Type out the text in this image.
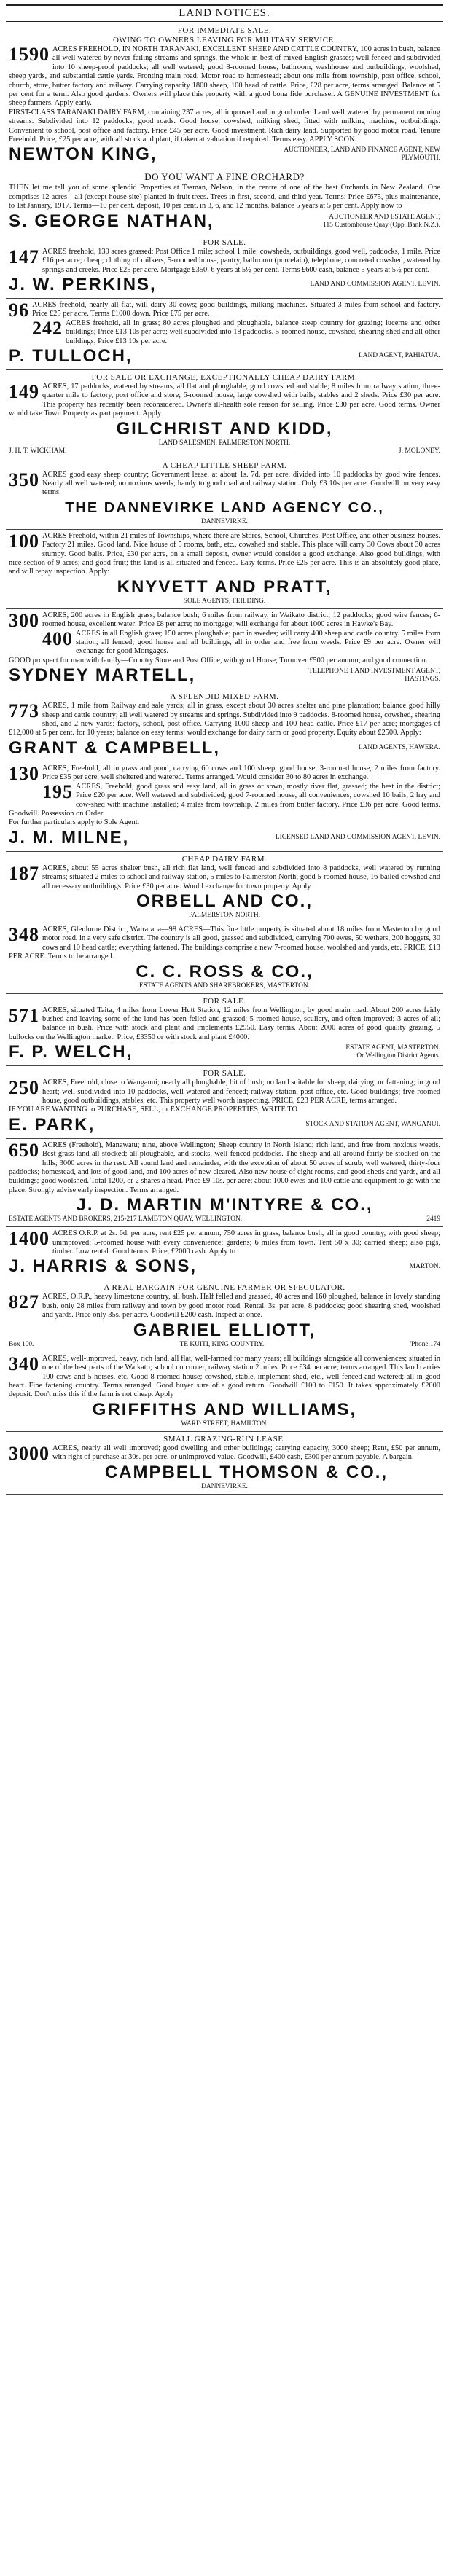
LAND NOTICES.
FOR IMMEDIATE SALE.
OWING TO OWNERS LEAVING FOR MILITARY SERVICE.

1590 ACRES FREEHOLD, IN NORTH TARANAKI, EXCELLENT SHEEP AND CATTLE COUNTRY, 100 acres in bush, balance all well watered by never-failing streams and springs, the whole in best of mixed English grasses; well fenced and subdivided into 10 sheep-proof paddocks; all well watered; good 8-roomed house, bathroom, washhouse and outbuildings, woolshed, sheep yards, and substantial cattle yards. Fronting main road. Motor road to homestead; about one mile from township, post office, school, church, store, butter factory and railway. Carrying capacity 1800 sheep, 100 head of cattle. Price, £28 per acre, terms arranged. Balance at 5 per cent for a term. Also good gardens. Owners will place this property with a good bona fide purchaser. A GENUINE INVESTMENT for sheep farmers. Apply early.

FIRST-CLASS TARANAKI DAIRY FARM, containing 237 acres, all improved and in good order. Land well watered by permanent running streams. Subdivided into 12 paddocks, good roads. Good house, cowshed, milking shed, fitted with milking machine, outbuildings. Convenient to school, post office and factory. Price £45 per acre. Good investment. Rich dairy land. Supported by good motor road. Tenure Freehold. Price, £25 per acre, with all stock and plant, if taken at valuation if required. Terms easy. APPLY SOON.

NEWTON KING,	AUCTIONEER, LAND AND FINANCE AGENT, NEW PLYMOUTH.
DO YOU WANT A FINE ORCHARD?

THEN let me tell you of some splendid Properties at Tasman, Nelson, in the centre of one of the best Orchards in New Zealand. One comprises 12 acres—all (except house site) planted in fruit trees. Trees in first, second, and third year. Terms: Price £675, plus maintenance, to 1st January, 1917. Terms—10 per cent. deposit, 10 per cent. in 3, 6, and 12 months, balance 5 years at 5 per cent. Apply now to

S. GEORGE NATHAN,	AUCTIONEER AND ESTATE AGENT,
115 Customhouse Quay (Opp. Bank N.Z.).
FOR SALE.

147 ACRES freehold, 130 acres grassed; Post Office 1 mile; school 1 mile; cowsheds, outbuildings, good well, paddocks, 1 mile. Price £16 per acre; cheap; clothing of milkers, 5-roomed house, pantry, bathroom (porcelain), telephone, concreted cowshed, watered by springs and creeks. Price £25 per acre. Mortgage £350, 6 years at 5½ per cent. Terms £600 cash, balance 5 years at 5½ per cent.

J. W. PERKINS,	LAND AND COMMISSION AGENT, LEVIN.

96 ACRES freehold, nearly all flat, will dairy 30 cows; good buildings, milking machines. Situated 3 miles from school and factory. Price £25 per acre. Terms £1000 down. Price £75 per acre.

242 ACRES freehold, all in grass; 80 acres ploughed and ploughable, balance steep country for grazing; lucerne and other buildings; Price £13 10s per acre; well subdivided into 18 paddocks. 5-roomed house, cowshed, shearing shed and all other buildings; Price £13 10s per acre.

P. TULLOCH,	LAND AGENT, PAHIATUA.
FOR SALE OR EXCHANGE, EXCEPTIONALLY CHEAP DAIRY FARM.

149 ACRES, 17 paddocks, watered by streams, all flat and ploughable, good cowshed and stable; 8 miles from railway station, three-quarter mile to factory, post office and store; 6-roomed house, large cowshed with bails, stables and 2 sheds. Price £30 per acre. This property has recently been reconsidered. Owner's ill-health sole reason for selling. Price £30 per acre. Good terms. Owner would take Town Property as part payment. Apply

GILCHRIST AND KIDD,
LAND SALESMEN, PALMERSTON NORTH.
J. H. T. WICKHAM.	J. MOLONEY.
A CHEAP LITTLE SHEEP FARM.

350 ACRES good easy sheep country; Government lease, at about 1s. 7d. per acre, divided into 10 paddocks by good wire fences. Nearly all well watered; no noxious weeds; handy to good road and railway station. Only £3 10s per acre. Goodwill on very easy terms.

THE DANNEVIRKE LAND AGENCY CO.,
DANNEVIRKE.

100 ACRES Freehold, within 21 miles of Townships, where there are Stores, School, Churches, Post Office, and other business houses. Factory 21 miles. Good land. Nice house of 5 rooms, bath, etc., cowshed and stable. This place will carry 30 Cows about 30 acres stumpy. Good bails. Price, £30 per acre, on a small deposit, owner would consider a good exchange. Also good buildings, with nice section of 9 acres; and good fruit; this land is all situated and fenced. Easy terms. Price £25 per acre. This is an absolutely good place, and will repay inspection. Apply:

KNYVETT AND PRATT,
SOLE AGENTS, FEILDING.

300 ACRES, 200 acres in English grass, balance bush; 6 miles from railway, in Waikato district; 12 paddocks; good wire fences; 6-roomed house, excellent water; Price £8 per acre; no mortgage; will exchange for about 1000 acres in Hawke's Bay.

400 ACRES in all English grass; 150 acres ploughable; part in swedes; will carry 400 sheep and cattle country. 5 miles from station; all fenced; good house and all buildings, all in order and free from weeds. Price £9 per acre. Owner will exchange for good Mortgages.

GOOD prospect for man with family—Country Store and Post Office, with good House; Turnover £500 per annum; and good connection.

SYDNEY MARTELL,	TELEPHONE 1 AND INVESTMENT AGENT, HASTINGS.
A SPLENDID MIXED FARM.

773 ACRES, 1 mile from Railway and sale yards; all in grass, except about 30 acres shelter and pine plantation; balance good hilly sheep and cattle country; all well watered by streams and springs. Subdivided into 9 paddocks. 8-roomed house, cowshed, shearing shed, and 2 new yards; factory, school, post-office. Carrying 1000 sheep and 100 head cattle. Price £17 per acre; mortgages of £12,000 at 5 per cent. for 10 years; balance on easy terms; would exchange for dairy farm or good property. Equity about £2500. Apply:

GRANT & CAMPBELL,	LAND AGENTS, HAWERA.

130 ACRES, Freehold, all in grass and good, carrying 60 cows and 100 sheep, good house; 3-roomed house, 2 miles from factory. Price £35 per acre, well sheltered and watered. Terms arranged. Would consider 30 to 80 acres in exchange.

195 ACRES, Freehold, good grass and easy land, all in grass or sown, mostly river flat, grassed; the best in the district; Price £20 per acre. Well watered and subdivided; good 7-roomed house, all conveniences, cowshed 10 bails, 2 hay and cow-shed with machine installed; 4 miles from township, 2 miles from butter factory. Price £36 per acre. Good terms. Goodwill. Possession on Order.

For further particulars apply to Sole Agent.

J. M. MILNE,	LICENSED LAND AND COMMISSION AGENT, LEVIN.
CHEAP DAIRY FARM.

187 ACRES, about 55 acres shelter bush, all rich flat land, well fenced and subdivided into 8 paddocks, well watered by running streams; situated 2 miles to school and railway station, 5 miles to Palmerston North; good 5-roomed house, 16-bailed cowshed and all necessary outbuildings. Price £30 per acre. Would exchange for town property. Apply

ORBELL AND CO.,
PALMERSTON NORTH.

348 ACRES, Glenlorne District, Wairarapa—98 ACRES—This fine little property is situated about 18 miles from Masterton by good motor road, in a very safe district. The country is all good, grassed and subdivided, carrying 700 ewes, 50 wethers, 200 hoggets, 30 cows and 10 head cattle; everything fattened. The buildings comprise a new 7-roomed house, woolshed and yards, etc. PRICE, £13 PER ACRE. Terms to be arranged.

C. C. ROSS & CO.,
ESTATE AGENTS AND SHAREBROKERS, MASTERTON.
FOR SALE.

571 ACRES, situated Taita, 4 miles from Lower Hutt Station, 12 miles from Wellington, by good main road. About 200 acres fairly bushed and leaving some of the land has been felled and grassed; 5-roomed house, scullery, and often improved; 3 acres of all; balance in bush. Price with stock and plant and implements £2950. Easy terms. About 2000 acres of good quality grazing, 5 bullocks on the Wellington market. Price, £3350 or with stock and plant £4000.

F. P. WELCH,	ESTATE AGENT, MASTERTON.
Or Wellington District Agents.
FOR SALE.

250 ACRES, Freehold, close to Wanganui; nearly all ploughable; bit of bush; no land suitable for sheep, dairying, or fattening; in good heart; well subdivided into 10 paddocks, well watered and fenced; railway station, post office, etc. Good buildings; five-roomed house, good outbuildings, stables, etc. This property well worth inspecting. PRICE, £23 PER ACRE, terms arranged.

IF YOU ARE WANTING to PURCHASE, SELL, or EXCHANGE PROPERTIES, WRITE TO

E. PARK,	STOCK AND STATION AGENT, WANGANUI.

650 ACRES (Freehold), Manawatu; nine, above Wellington; Sheep country in North Island; rich land, and free from noxious weeds. Best grass land all stocked; all ploughable, and stocks, well-fenced paddocks. The sheep and all around fairly be stocked on the hills; 3000 acres in the rest. All sound land and remainder, with the exception of about 50 acres of scrub, well watered, thirty-four paddocks; homestead, and lots of good land, and 100 acres of new cleared. Also new house of eight rooms, and good sheds and yards, and all buildings; good woolshed. Total 1200, or 2 shares a head. Price £9 10s. per acre; about 1000 ewes and 100 cattle and equipment to go with the place. Strongly advise early inspection. Terms arranged.

J. D. MARTIN M'INTYRE & CO.,
ESTATE AGENTS AND BROKERS, 215-217 LAMBTON QUAY, WELLINGTON.	2419

1400 ACRES O.R.P. at 2s. 6d. per acre, rent £25 per annum, 750 acres in grass, balance bush, all in good country, with good sheep; unimproved; 5-roomed house with every convenience; gardens; 6 miles from town. Tent 50 x 30; carried sheep; also pigs, timber. Low rental. Good terms. Price, £2000 cash. Apply to

J. HARRIS & SONS,	MARTON.
A REAL BARGAIN FOR GENUINE FARMER OR SPECULATOR.

827 ACRES, O.R.P., heavy limestone country, all bush. Half felled and grassed, 40 acres and 160 ploughed, balance in lovely standing bush, only 28 miles from railway and town by good motor road. Rental, 3s. per acre. 8 paddocks; good shearing shed, woolshed and yards. Price only 35s. per acre. Goodwill £200 cash. Inspect at once.

GABRIEL ELLIOTT,
Box 100.	TE KUITI, KING COUNTRY.	'Phone 174

340 ACRES, well-improved, heavy, rich land, all flat, well-farmed for many years; all buildings alongside all conveniences; situated in one of the best parts of the Waikato; school on corner, railway station 2 miles. Price £34 per acre; terms arranged. This land carries 100 cows and 5 horses, etc. Good 8-roomed house; cowshed, stable, implement shed, etc., well fenced and watered; all in good heart. Fine fattening country. Terms arranged. Good buyer sure of a good return. Goodwill £100 to £150. It takes approximately £2000 deposit. Don't miss this if the farm is not cheap. Apply

GRIFFITHS AND WILLIAMS,
WARD STREET, HAMILTON.
SMALL GRAZING-RUN LEASE.

3000 ACRES, nearly all well improved; good dwelling and other buildings; carrying capacity, 3000 sheep; Rent, £50 per annum, with right of purchase at 30s. per acre, or unimproved value. Goodwill, £400 cash, £300 per annum payable, A bargain.

CAMPBELL THOMSON & CO.,
DANNEVIRKE.
